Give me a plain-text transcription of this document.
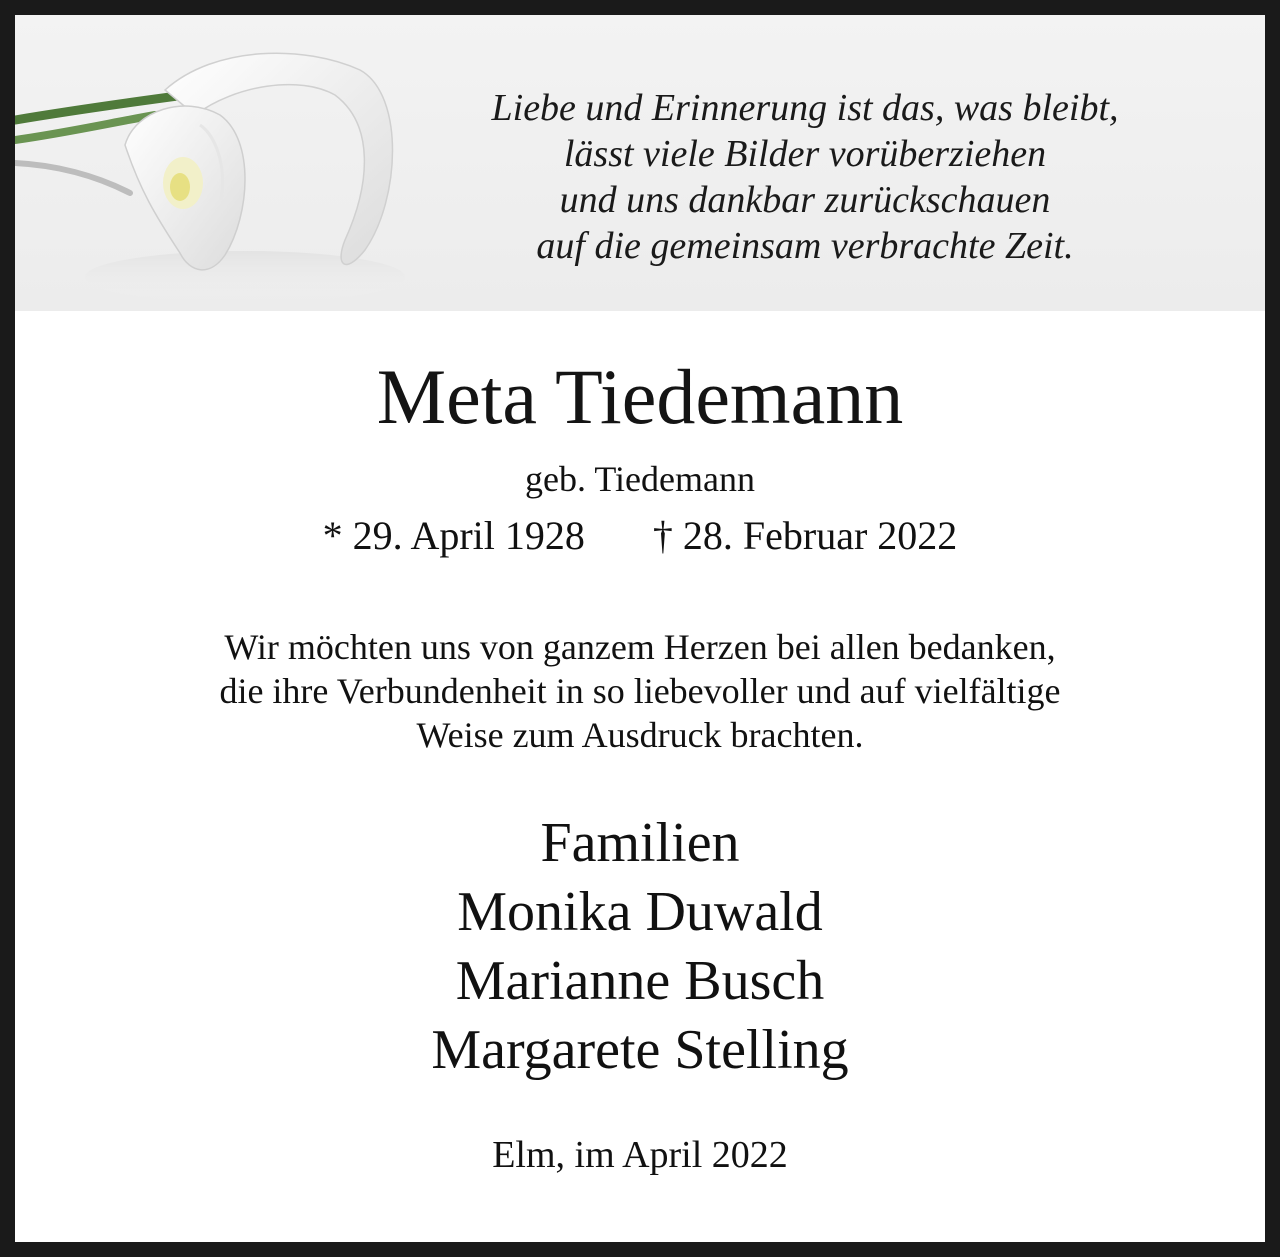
Liebe und Erinnerung ist das, was bleibt,
lässt viele Bilder vorüberziehen
und uns dankbar zurückschauen
auf die gemeinsam verbrachte Zeit.
Meta Tiedemann
geb. Tiedemann
* 29. April 1928 † 28. Februar 2022
Wir möchten uns von ganzem Herzen bei allen bedanken,
die ihre Verbundenheit in so liebevoller und auf vielfältige
Weise zum Ausdruck brachten.
Familien
Monika Duwald
Marianne Busch
Margarete Stelling
Elm, im April 2022
